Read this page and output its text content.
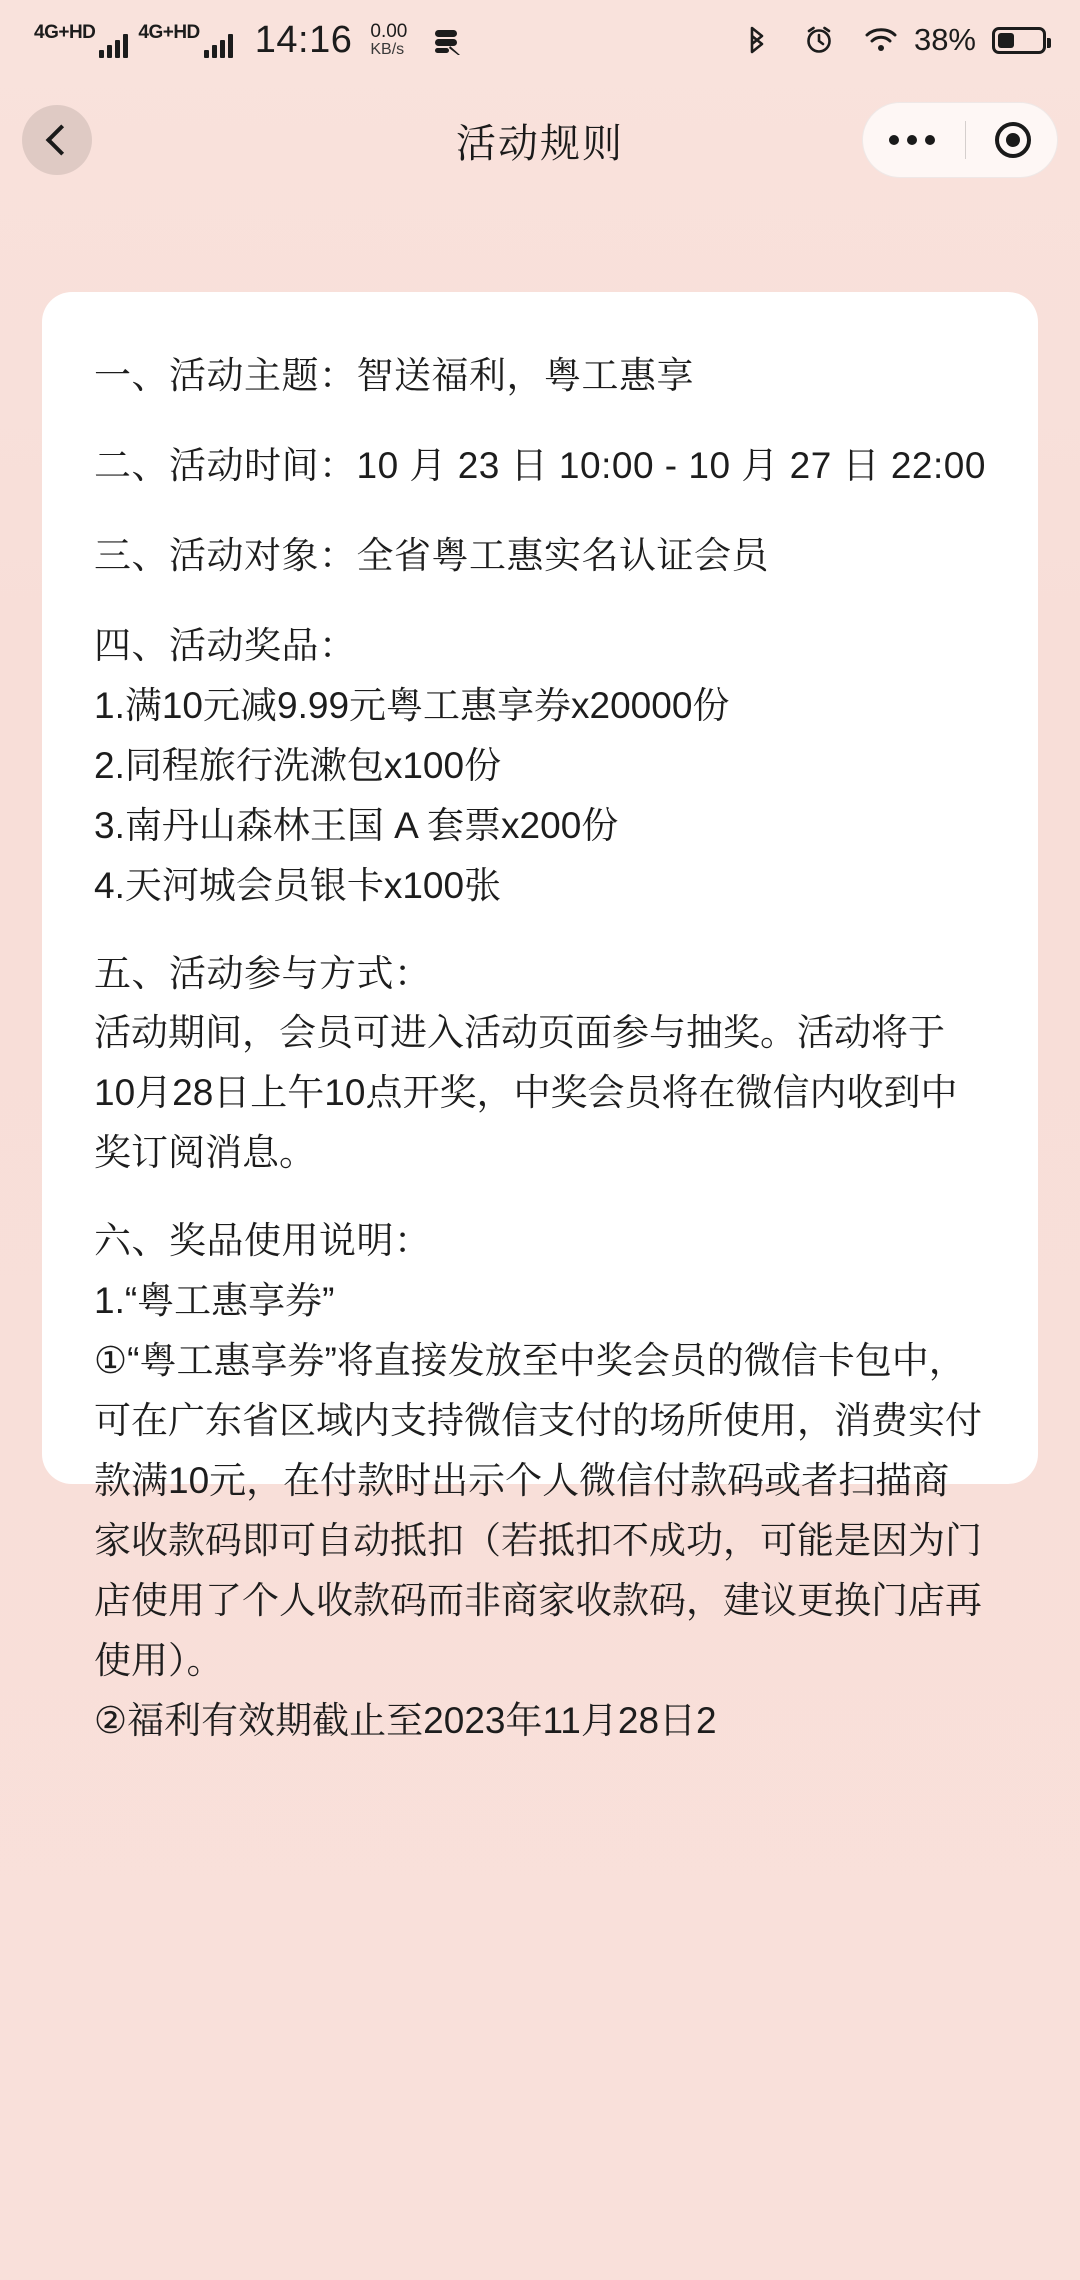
4G+HD 4G+HD 14:16 0.00
KB/s	38%
活动规则
一、活动主题：智送福利，粤工惠享
二、活动时间：10 月 23 日 10:00 - 10 月 27 日 22:00
三、活动对象：全省粤工惠实名认证会员
四、活动奖品：
1.满10元减9.99元粤工惠享券x20000份
2.同程旅行洗漱包x100份
3.南丹山森林王国 A 套票x200份
4.天河城会员银卡x100张
五、活动参与方式：
活动期间，会员可进入活动页面参与抽奖。活动将于10月28日上午10点开奖，中奖会员将在微信内收到中奖订阅消息。
六、奖品使用说明：
1.“粤工惠享券”
①“粤工惠享券”将直接发放至中奖会员的微信卡包中，可在广东省区域内支持微信支付的场所使用，消费实付款满10元，在付款时出示个人微信付款码或者扫描商家收款码即可自动抵扣（若抵扣不成功，可能是因为门店使用了个人收款码而非商家收款码，建议更换门店再使用）。
②福利有效期截止至2023年11月28日2
